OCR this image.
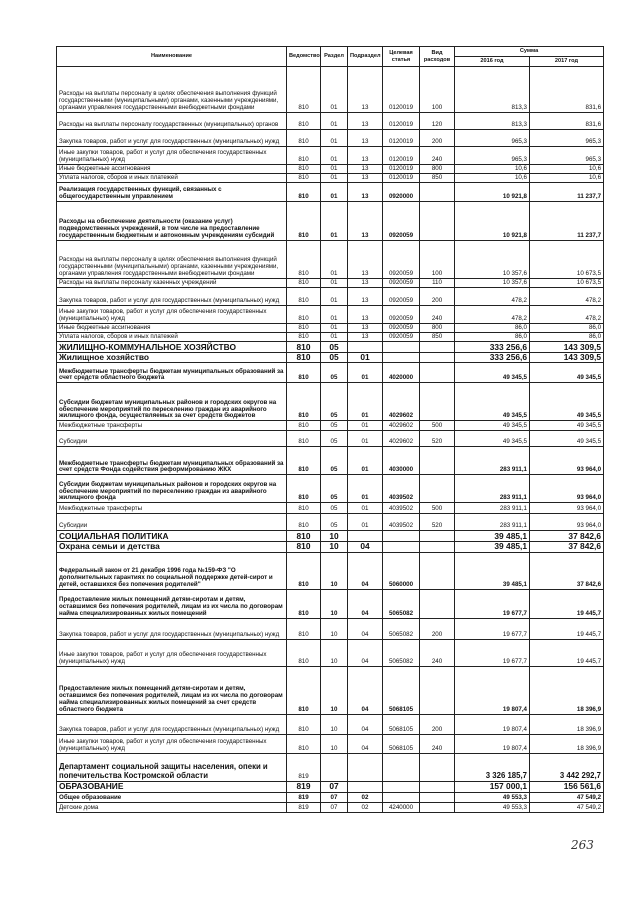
Наименование	Ведомство	Раздел	Подраздел	Целевая статья	Вид расходов	Сумма	
						2016 год	2017 год
Расходы на выплаты персоналу в целях обеспечения выполнения функций государственными (муниципальными) органами, казенными учреждениями, органами управления государственными внебюджетными фондами	810	01	13	0120019	100	813,3	831,6
Расходы на выплаты персоналу государственных (муниципальных) органов	810	01	13	0120019	120	813,3	831,6
Закупка товаров, работ и услуг для государственных (муниципальных) нужд	810	01	13	0120019	200	965,3	965,3
Иные закупки товаров, работ и услуг для обеспечения государственных (муниципальных) нужд	810	01	13	0120019	240	965,3	965,3
Иные бюджетные ассигнования	810	01	13	0120019	800	10,6	10,6
Уплата налогов, сборов и иных платежей	810	01	13	0120019	850	10,6	10,6
Реализация государственных функций, связанных с общегосударственным управлением	810	01	13	0920000		10 921,8	11 237,7
Расходы на обеспечение деятельности (оказание услуг) подведомственных учреждений, в том числе на предоставление государственным бюджетным и автономным учреждениям субсидий	810	01	13	0920059		10 921,8	11 237,7
Расходы на выплаты персоналу в целях обеспечения выполнения функций государственными (муниципальными) органами, казенными учреждениями, органами управления государственными внебюджетными фондами	810	01	13	0920059	100	10 357,6	10 673,5
Расходы на выплаты персоналу казенных учреждений	810	01	13	0920059	110	10 357,6	10 673,5
Закупка товаров, работ и услуг для государственных (муниципальных) нужд	810	01	13	0920059	200	478,2	478,2
Иные закупки товаров, работ и услуг для обеспечения государственных (муниципальных) нужд	810	01	13	0920059	240	478,2	478,2
Иные бюджетные ассигнования	810	01	13	0920059	800	86,0	86,0
Уплата налогов, сборов и иных платежей	810	01	13	0920059	850	86,0	86,0
ЖИЛИЩНО-КОММУНАЛЬНОЕ ХОЗЯЙСТВО	810	05				333 256,6	143 309,5
Жилищное хозяйство	810	05	01			333 256,6	143 309,5
Межбюджетные трансферты бюджетам муниципальных образований за счет средств областного бюджета	810	05	01	4020000		49 345,5	49 345,5
Субсидии бюджетам муниципальных районов и городских округов на обеспечение мероприятий по переселению граждан из аварийного жилищного фонда, осуществляемых за счет средств бюджетов	810	05	01	4029602		49 345,5	49 345,5
Межбюджетные трансферты	810	05	01	4029602	500	49 345,5	49 345,5
Субсидии	810	05	01	4029602	520	49 345,5	49 345,5
Межбюджетные трансферты бюджетам муниципальных образований за счет средств Фонда содействия реформированию ЖКХ	810	05	01	4030000		283 911,1	93 964,0
Субсидии бюджетам муниципальных районов и городских округов на обеспечение мероприятий по переселению граждан из аварийного жилищного фонда	810	05	01	4039502		283 911,1	93 964,0
Межбюджетные трансферты	810	05	01	4039502	500	283 911,1	93 964,0
Субсидии	810	05	01	4039502	520	283 911,1	93 964,0
СОЦИАЛЬНАЯ ПОЛИТИКА	810	10				39 485,1	37 842,6
Охрана семьи и детства	810	10	04			39 485,1	37 842,6
Федеральный закон от 21 декабря 1996 года №159-ФЗ "О дополнительных гарантиях по социальной поддержке детей-сирот и детей, оставшихся без попечения родителей"	810	10	04	5060000		39 485,1	37 842,6
Предоставление жилых помещений детям-сиротам и детям, оставшимся без попечения родителей, лицам из их числа по договорам найма специализированных жилых помещений	810	10	04	5065082		19 677,7	19 445,7
Закупка товаров, работ и услуг для государственных (муниципальных) нужд	810	10	04	5065082	200	19 677,7	19 445,7
Иные закупки товаров, работ и услуг для обеспечения государственных (муниципальных) нужд	810	10	04	5065082	240	19 677,7	19 445,7
Предоставление жилых помещений детям-сиротам и детям, оставшимся без попечения родителей, лицам из их числа по договорам найма специализированных жилых помещений за счет средств областного бюджета	810	10	04	5068105		19 807,4	18 396,9
Закупка товаров, работ и услуг для государственных (муниципальных) нужд	810	10	04	5068105	200	19 807,4	18 396,9
Иные закупки товаров, работ и услуг для обеспечения государственных (муниципальных) нужд	810	10	04	5068105	240	19 807,4	18 396,9
Департамент социальной защиты населения, опеки и попечительства Костромской области	819					3 326 185,7	3 442 292,7
ОБРАЗОВАНИЕ	819	07				157 000,1	156 561,6
Общее образование	819	07	02			49 553,3	47 549,2
Детские дома	819	07	02	4240000		49 553,3	47 549,2
263
